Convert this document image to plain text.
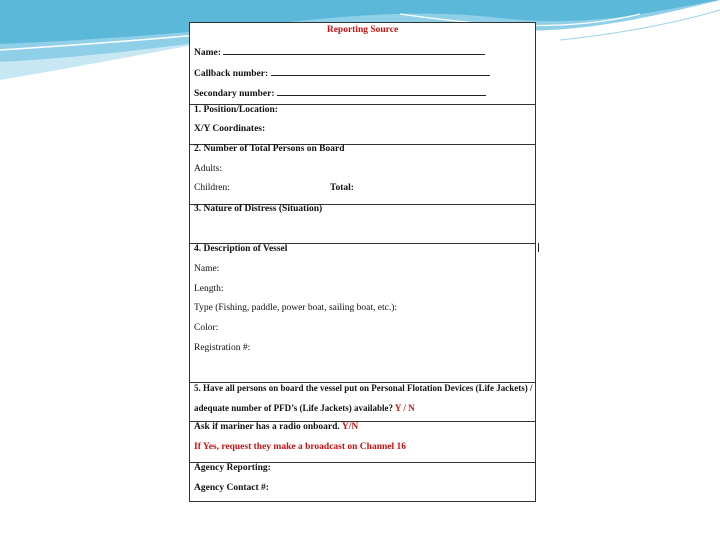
Reporting Source
Name:
Callback number:
Secondary number:
1. Position/Location:
X/Y Coordinates:
2. Number of Total Persons on Board
Adults:
Children:	Total:
3. Nature of Distress (Situation)
4. Description of Vessel
Name:
Length:
Type (Fishing, paddle, power boat, sailing boat, etc.):
Color:
Registration #:
5. Have all persons on board the vessel put on Personal Flotation Devices (Life Jackets) /
adequate number of PFD’s (Life Jackets) available? Y / N
Ask if mariner has a radio onboard. Y/N
If Yes, request they make a broadcast on Channel 16
Agency Reporting:
Agency Contact #:
